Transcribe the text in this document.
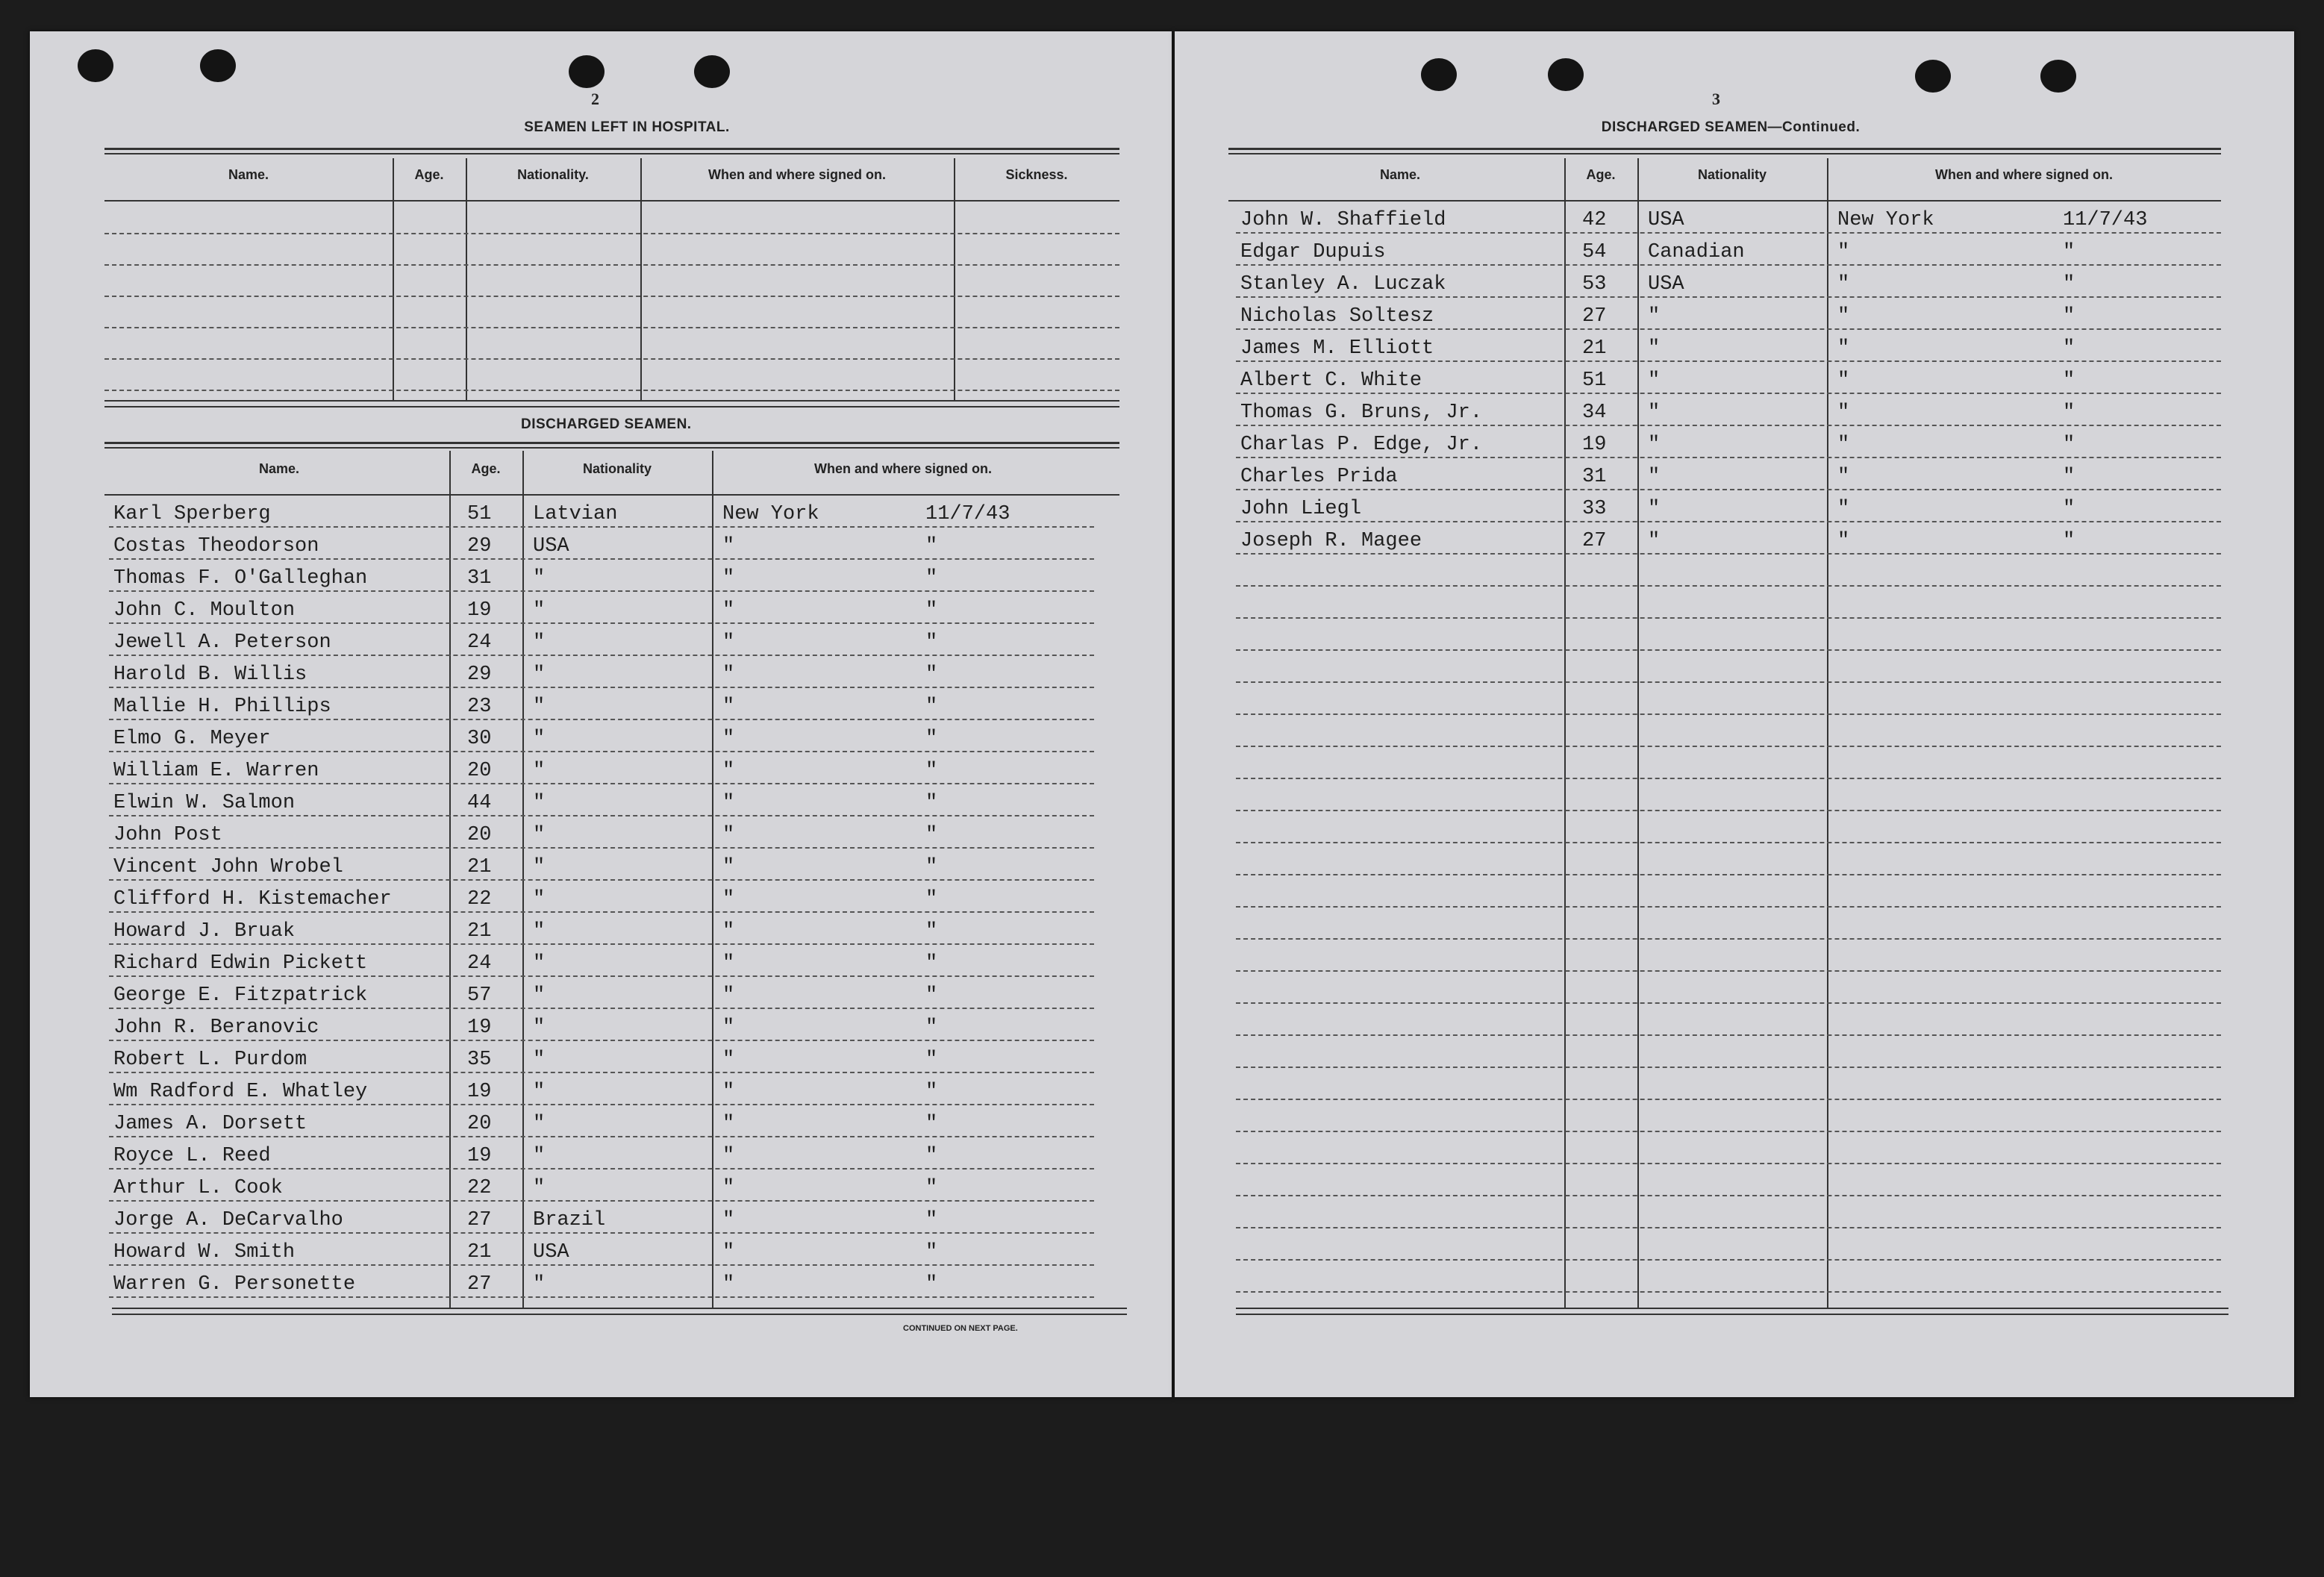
2
SEAMEN LEFT IN HOSPITAL.
DISCHARGED SEAMEN.
CONTINUED ON NEXT PAGE.
Name.	Age.	Nationality.	When and where signed on.	Sickness.
Name.	Age.	Nationality	When and where signed on.
Karl Sperberg	51 Latvian	New York	11/7/43
Costas Theodorson	29 USA	"	"
Thomas F. O'Galleghan	31 "	"	"
John C. Moulton	19 "	"	"
Jewell A. Peterson	24 "	"	"
Harold B. Willis	29 "	"	"
Mallie H. Phillips	23 "	"	"
Elmo G. Meyer	30 "	"	"
William E. Warren	20 "	"	"
Elwin W. Salmon	44 "	"	"
John Post	20 "	"	"
Vincent John Wrobel	21 "	"	"
Clifford H. Kistemacher	22 "	"	"
Howard J. Bruak	21 "	"	"
Richard Edwin Pickett	24 "	"	"
George E. Fitzpatrick	57 "	"	"
John R. Beranovic	19 "	"	"
Robert L. Purdom	35 "	"	"
Wm Radford E. Whatley	19 "	"	"
James A. Dorsett	20 "	"	"
Royce L. Reed	19 "	"	"
Arthur L. Cook	22 "	"	"
Jorge A. DeCarvalho	27 Brazil	"	"
Howard W. Smith	21 USA	"	"
Warren G. Personette	27 "	"	"
3
DISCHARGED SEAMEN—Continued.
Name.	Age.	Nationality	When and where signed on.
John W. Shaffield	42 USA	New York	11/7/43
Edgar Dupuis	54 Canadian	"	"
Stanley A. Luczak	53 USA	"	"
Nicholas Soltesz	27 "	"	"
James M. Elliott	21 "	"	"
Albert C. White	51 "	"	"
Thomas G. Bruns, Jr.	34 "	"	"
Charlas P. Edge, Jr.	19 "	"	"
Charles Prida	31 "	"	"
John Liegl	33 "	"	"
Joseph R. Magee	27 "	"	"
